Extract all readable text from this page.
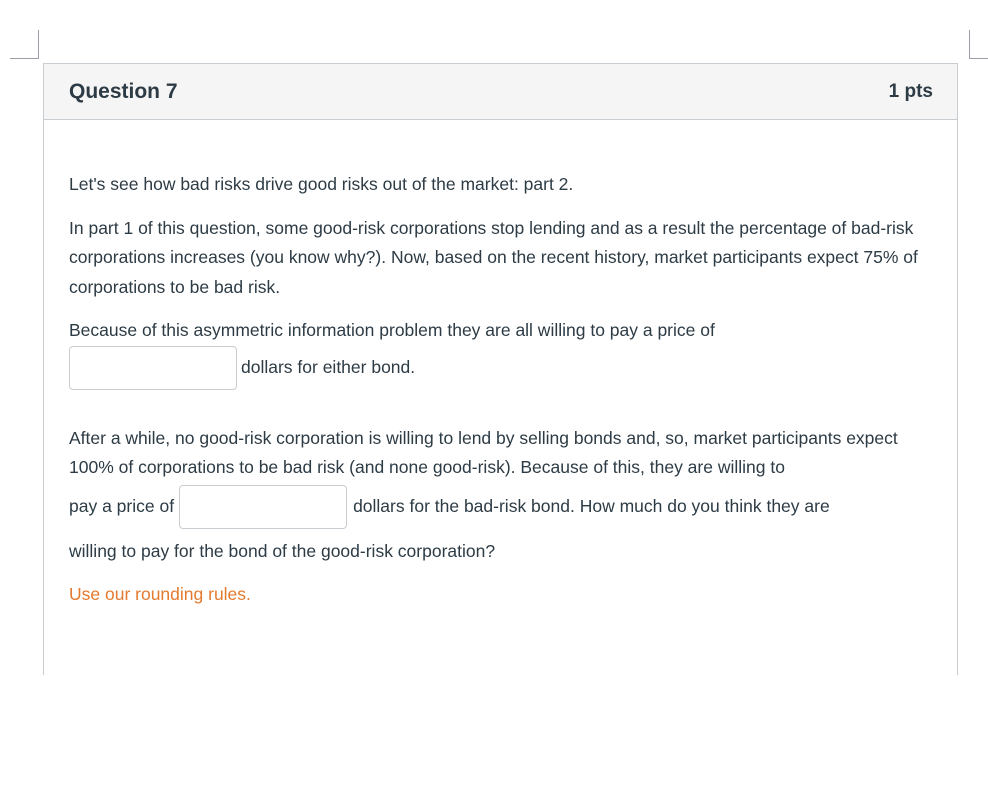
Question 7	1 pts

Let's see how bad risks drive good risks out of the market: part 2.

In part 1 of this question, some good-risk corporations stop lending and as a result the percentage of bad-risk corporations increases (you know why?). Now, based on the recent history, market participants expect 75% of corporations to be bad risk.

Because of this asymmetric information problem they are all willing to pay a price of
dollars for either bond.

After a while, no good-risk corporation is willing to lend by selling bonds and, so, market participants expect 100% of corporations to be bad risk (and none good-risk). Because of this, they are willing to
pay a price of	dollars for the bad-risk bond. How much do you think they are
willing to pay for the bond of the good-risk corporation?

Use our rounding rules.
